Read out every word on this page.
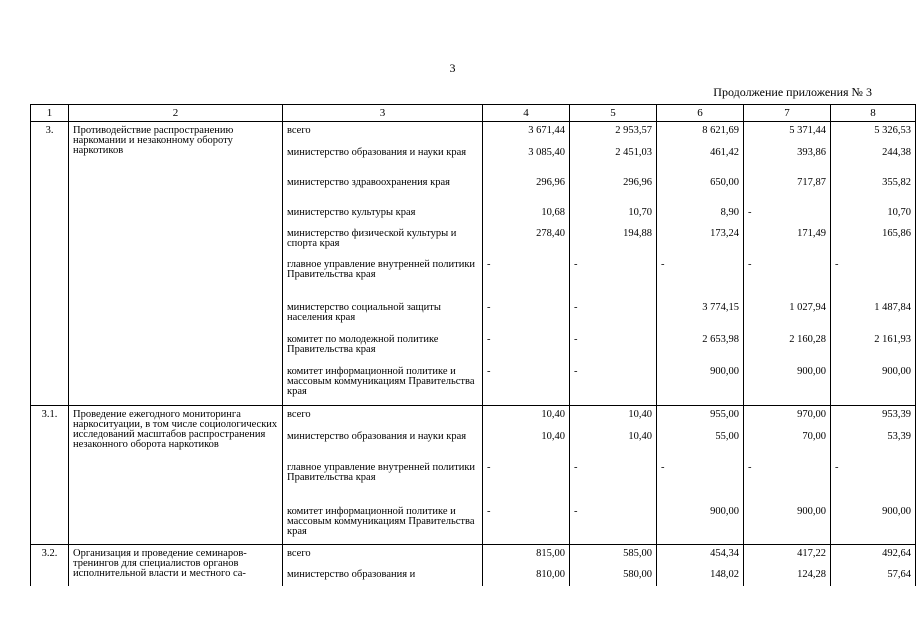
3
Продолжение приложения № 3
1	2	3	4	5	6	7	8
3.	Противодействие распространению наркомании и незаконному обороту наркотиков	всего	3 671,44	2 953,57	8 621,69	5 371,44	5 326,53
		министерство образования и науки края	3 085,40	2 451,03	461,42	393,86	244,38
		министерство здравоохранения края	296,96	296,96	650,00	717,87	355,82
		министерство культуры края	10,68	10,70	8,90	-	10,70
		министерство физической культуры и спорта края	278,40	194,88	173,24	171,49	165,86
		главное управление внутренней политики Правительства края	-	-	-	-	-
		министерство социальной защиты населения края	-	-	3 774,15	1 027,94	1 487,84
		комитет по молодежной политике Правительства края	-	-	2 653,98	2 160,28	2 161,93
		комитет информационной политике и массовым коммуникациям Правительства края	-	-	900,00	900,00	900,00
3.1.	Проведение ежегодного мониторинга наркоситуации, в том числе социологических исследований масштабов распространения незаконного оборота наркотиков	всего	10,40	10,40	955,00	970,00	953,39
		министерство образования и науки края	10,40	10,40	55,00	70,00	53,39
		главное управление внутренней политики Правительства края	-	-	-	-	-
		комитет информационной политике и массовым коммуникациям Правительства края	-	-	900,00	900,00	900,00
3.2.	Организация и проведение семинаров-тренингов для специалистов органов исполнительной власти и местного са-	всего	815,00	585,00	454,34	417,22	492,64
		министерство образования и	810,00	580,00	148,02	124,28	57,64
